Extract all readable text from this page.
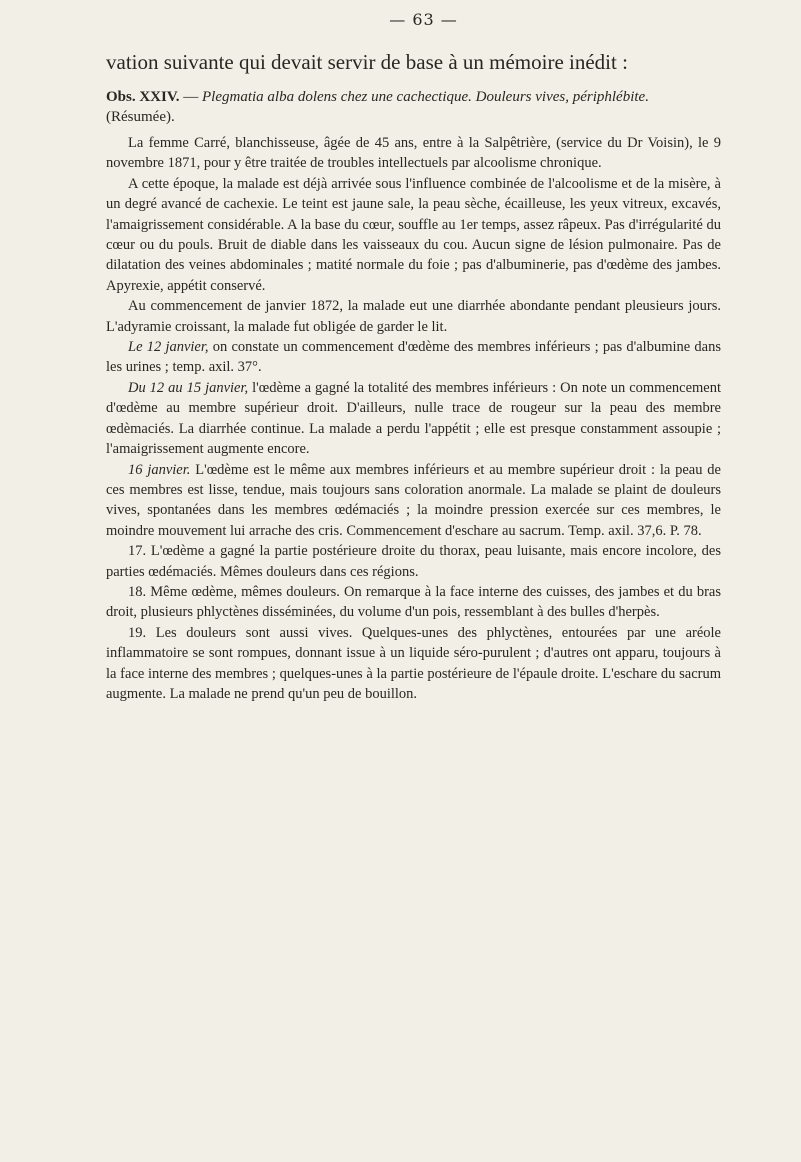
— 63 —

vation suivante qui devait servir de base à un mémoire inédit :

Obs. XXIV. — Plegmatia alba dolens chez une cachectique. Douleurs vives, périphlébite. (Résumée).

La femme Carré, blanchisseuse, âgée de 45 ans, entre à la Salpêtrière, (service du Dr Voisin), le 9 novembre 1871, pour y être traitée de troubles intellectuels par alcoolisme chronique.

A cette époque, la malade est déjà arrivée sous l'influence combinée de l'alcoolisme et de la misère, à un degré avancé de cachexie. Le teint est jaune sale, la peau sèche, écailleuse, les yeux vitreux, excavés, l'amaigrissement considérable. A la base du cœur, souffle au 1er temps, assez râpeux. Pas d'irrégularité du cœur ou du pouls. Bruit de diable dans les vaisseaux du cou. Aucun signe de lésion pulmonaire. Pas de dilatation des veines abdominales ; matité normale du foie ; pas d'albuminerie, pas d'œdème des jambes. Apyrexie, appétit conservé.

Au commencement de janvier 1872, la malade eut une diarrhée abondante pendant pleusieurs jours. L'adyramie croissant, la malade fut obligée de garder le lit.

Le 12 janvier, on constate un commencement d'œdème des membres inférieurs ; pas d'albumine dans les urines ; temp. axil. 37°.

Du 12 au 15 janvier, l'œdème a gagné la totalité des membres inférieurs : On note un commencement d'œdème au membre supérieur droit. D'ailleurs, nulle trace de rougeur sur la peau des membre œdèmaciés. La diarrhée continue. La malade a perdu l'appétit ; elle est presque constamment assoupie ; l'amaigrissement augmente encore.

16 janvier. L'œdème est le même aux membres inférieurs et au membre supérieur droit : la peau de ces membres est lisse, tendue, mais toujours sans coloration anormale. La malade se plaint de douleurs vives, spontanées dans les membres œdémaciés ; la moindre pression exercée sur ces membres, le moindre mouvement lui arrache des cris. Commencement d'eschare au sacrum. Temp. axil. 37,6. P. 78.

17. L'œdème a gagné la partie postérieure droite du thorax, peau luisante, mais encore incolore, des parties œdémaciés. Mêmes douleurs dans ces régions.

18. Même œdème, mêmes douleurs. On remarque à la face interne des cuisses, des jambes et du bras droit, plusieurs phlyctènes disséminées, du volume d'un pois, ressemblant à des bulles d'herpès.

19. Les douleurs sont aussi vives. Quelques-unes des phlyctènes, entourées par une aréole inflammatoire se sont rompues, donnant issue à un liquide séro-purulent ; d'autres ont apparu, toujours à la face interne des membres ; quelques-unes à la partie postérieure de l'épaule droite. L'eschare du sacrum augmente. La malade ne prend qu'un peu de bouillon.
